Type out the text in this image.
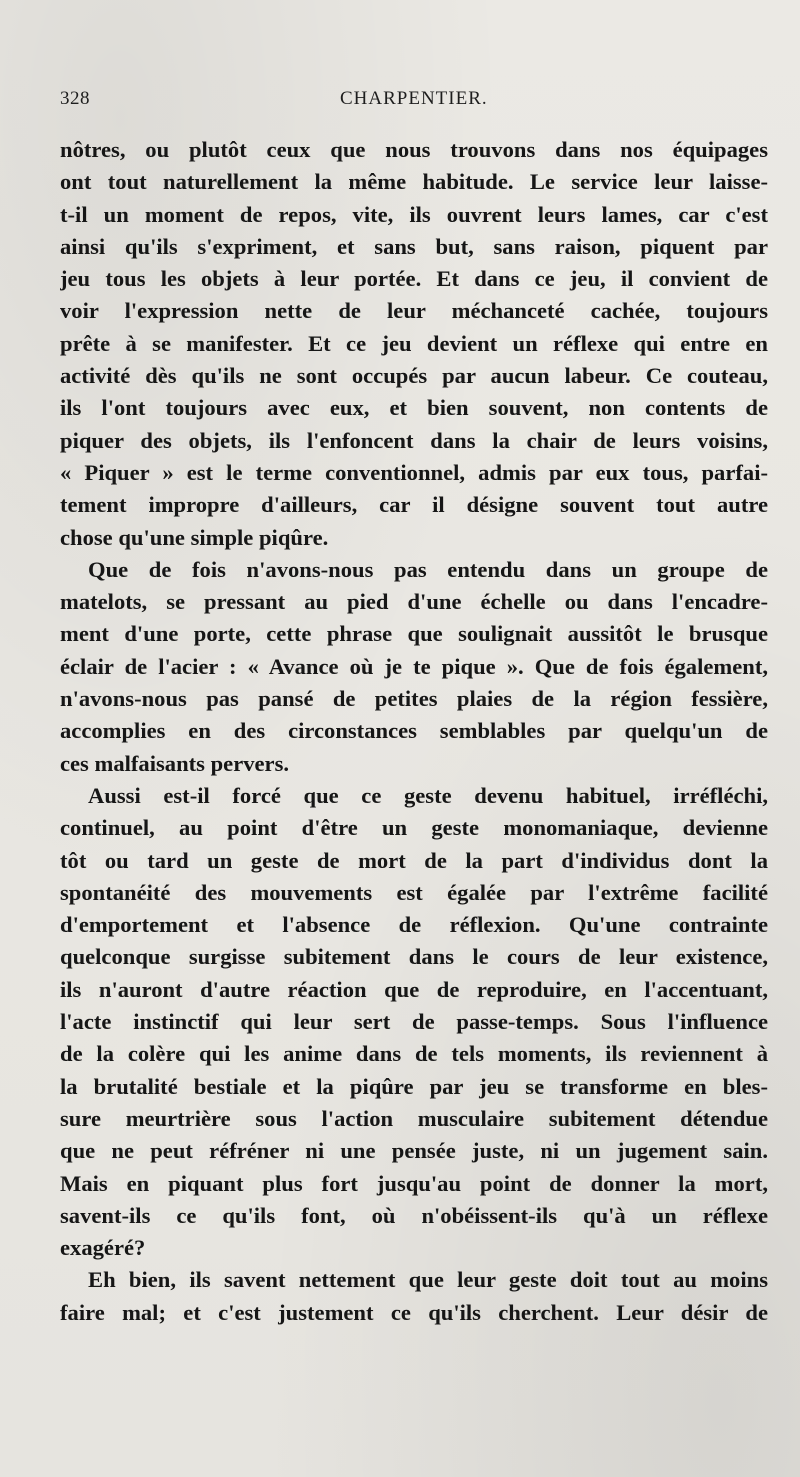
328	CHARPENTIER.
nôtres, ou plutôt ceux que nous trouvons dans nos équipages
ont tout naturellement la même habitude. Le service leur laisse-
t-il un moment de repos, vite, ils ouvrent leurs lames, car c'est
ainsi qu'ils s'expriment, et sans but, sans raison, piquent par
jeu tous les objets à leur portée. Et dans ce jeu, il convient de
voir l'expression nette de leur méchanceté cachée, toujours
prête à se manifester. Et ce jeu devient un réflexe qui entre en
activité dès qu'ils ne sont occupés par aucun labeur. Ce couteau,
ils l'ont toujours avec eux, et bien souvent, non contents de
piquer des objets, ils l'enfoncent dans la chair de leurs voisins,
« Piquer » est le terme conventionnel, admis par eux tous, parfai-
tement impropre d'ailleurs, car il désigne souvent tout autre
chose qu'une simple piqûre.
Que de fois n'avons-nous pas entendu dans un groupe de
matelots, se pressant au pied d'une échelle ou dans l'encadre-
ment d'une porte, cette phrase que soulignait aussitôt le brusque
éclair de l'acier : « Avance où je te pique ». Que de fois également,
n'avons-nous pas pansé de petites plaies de la région fessière,
accomplies en des circonstances semblables par quelqu'un de
ces malfaisants pervers.
Aussi est-il forcé que ce geste devenu habituel, irréfléchi,
continuel, au point d'être un geste monomaniaque, devienne
tôt ou tard un geste de mort de la part d'individus dont la
spontanéité des mouvements est égalée par l'extrême facilité
d'emportement et l'absence de réflexion. Qu'une contrainte
quelconque surgisse subitement dans le cours de leur existence,
ils n'auront d'autre réaction que de reproduire, en l'accentuant,
l'acte instinctif qui leur sert de passe-temps. Sous l'influence
de la colère qui les anime dans de tels moments, ils reviennent à
la brutalité bestiale et la piqûre par jeu se transforme en bles-
sure meurtrière sous l'action musculaire subitement détendue
que ne peut réfréner ni une pensée juste, ni un jugement sain.
Mais en piquant plus fort jusqu'au point de donner la mort,
savent-ils ce qu'ils font, où n'obéissent-ils qu'à un réflexe
exagéré?
Eh bien, ils savent nettement que leur geste doit tout au moins
faire mal; et c'est justement ce qu'ils cherchent. Leur désir de
